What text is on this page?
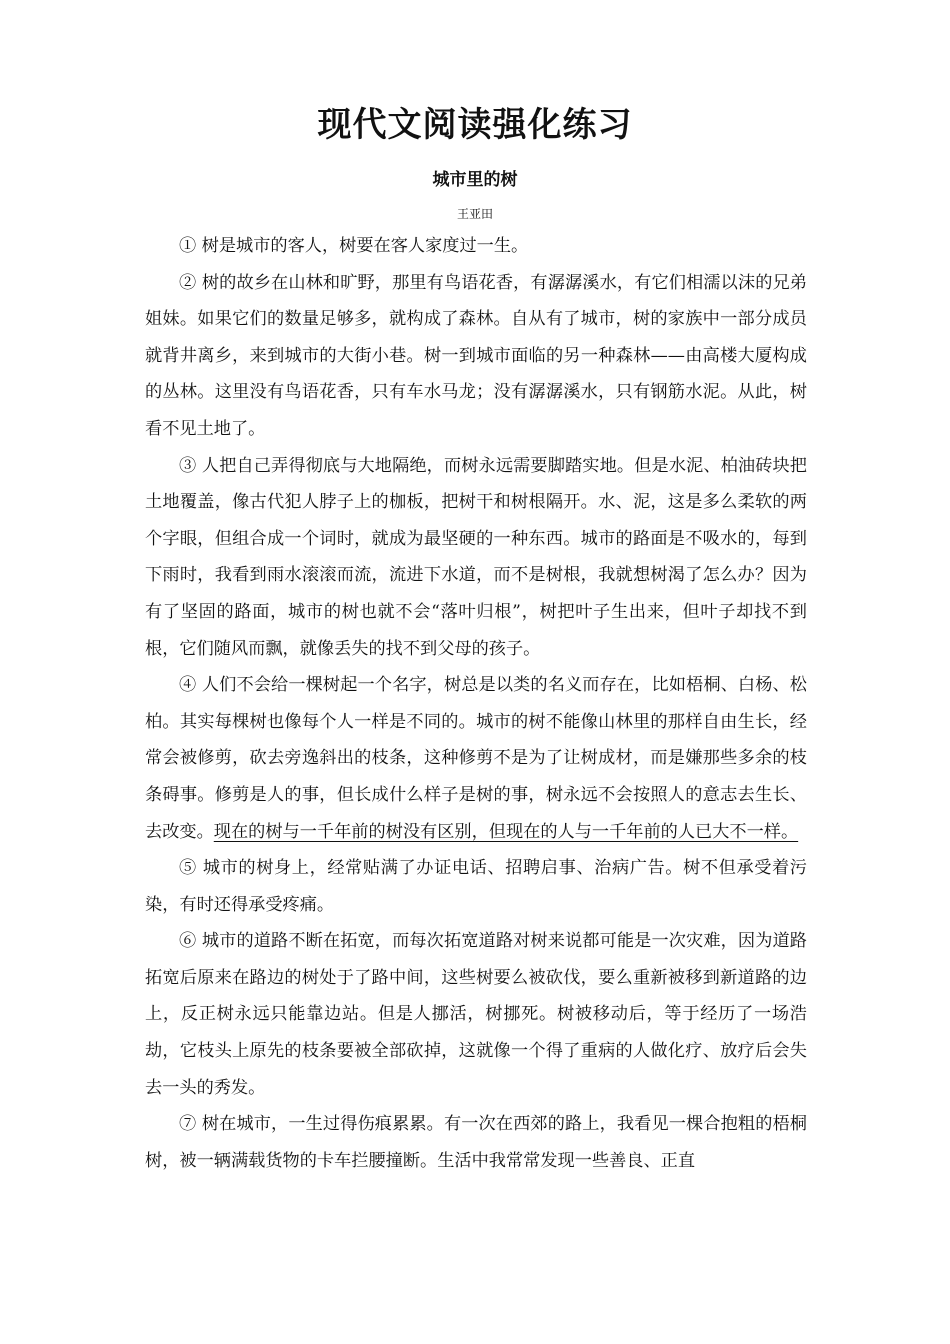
现代文阅读强化练习
城市里的树
王亚田

① 树是城市的客人，树要在客人家度过一生。

② 树的故乡在山林和旷野，那里有鸟语花香，有潺潺溪水，有它们相濡以沫的兄弟姐妹。如果它们的数量足够多，就构成了森林。自从有了城市，树的家族中一部分成员就背井离乡，来到城市的大街小巷。树一到城市面临的另一种森林——由高楼大厦构成的丛林。这里没有鸟语花香，只有车水马龙；没有潺潺溪水，只有钢筋水泥。从此，树看不见土地了。

③ 人把自己弄得彻底与大地隔绝，而树永远需要脚踏实地。但是水泥、柏油砖块把土地覆盖，像古代犯人脖子上的枷板，把树干和树根隔开。水、泥，这是多么柔软的两个字眼，但组合成一个词时，就成为最坚硬的一种东西。城市的路面是不吸水的，每到下雨时，我看到雨水滚滚而流，流进下水道，而不是树根，我就想树渴了怎么办？因为有了坚固的路面，城市的树也就不会“落叶归根”，树把叶子生出来，但叶子却找不到根，它们随风而飘，就像丢失的找不到父母的孩子。

④ 人们不会给一棵树起一个名字，树总是以类的名义而存在，比如梧桐、白杨、松柏。其实每棵树也像每个人一样是不同的。城市的树不能像山林里的那样自由生长，经常会被修剪，砍去旁逸斜出的枝条，这种修剪不是为了让树成材，而是嫌那些多余的枝条碍事。修剪是人的事，但长成什么样子是树的事，树永远不会按照人的意志去生长、去改变。现在的树与一千年前的树没有区别，但现在的人与一千年前的人已大不一样。

⑤ 城市的树身上，经常贴满了办证电话、招聘启事、治病广告。树不但承受着污染，有时还得承受疼痛。

⑥ 城市的道路不断在拓宽，而每次拓宽道路对树来说都可能是一次灾难，因为道路拓宽后原来在路边的树处于了路中间，这些树要么被砍伐，要么重新被移到新道路的边上，反正树永远只能靠边站。但是人挪活，树挪死。树被移动后，等于经历了一场浩劫，它枝头上原先的枝条要被全部砍掉，这就像一个得了重病的人做化疗、放疗后会失去一头的秀发。

⑦ 树在城市，一生过得伤痕累累。有一次在西郊的路上，我看见一棵合抱粗的梧桐树，被一辆满载货物的卡车拦腰撞断。生活中我常常发现一些善良、正直
